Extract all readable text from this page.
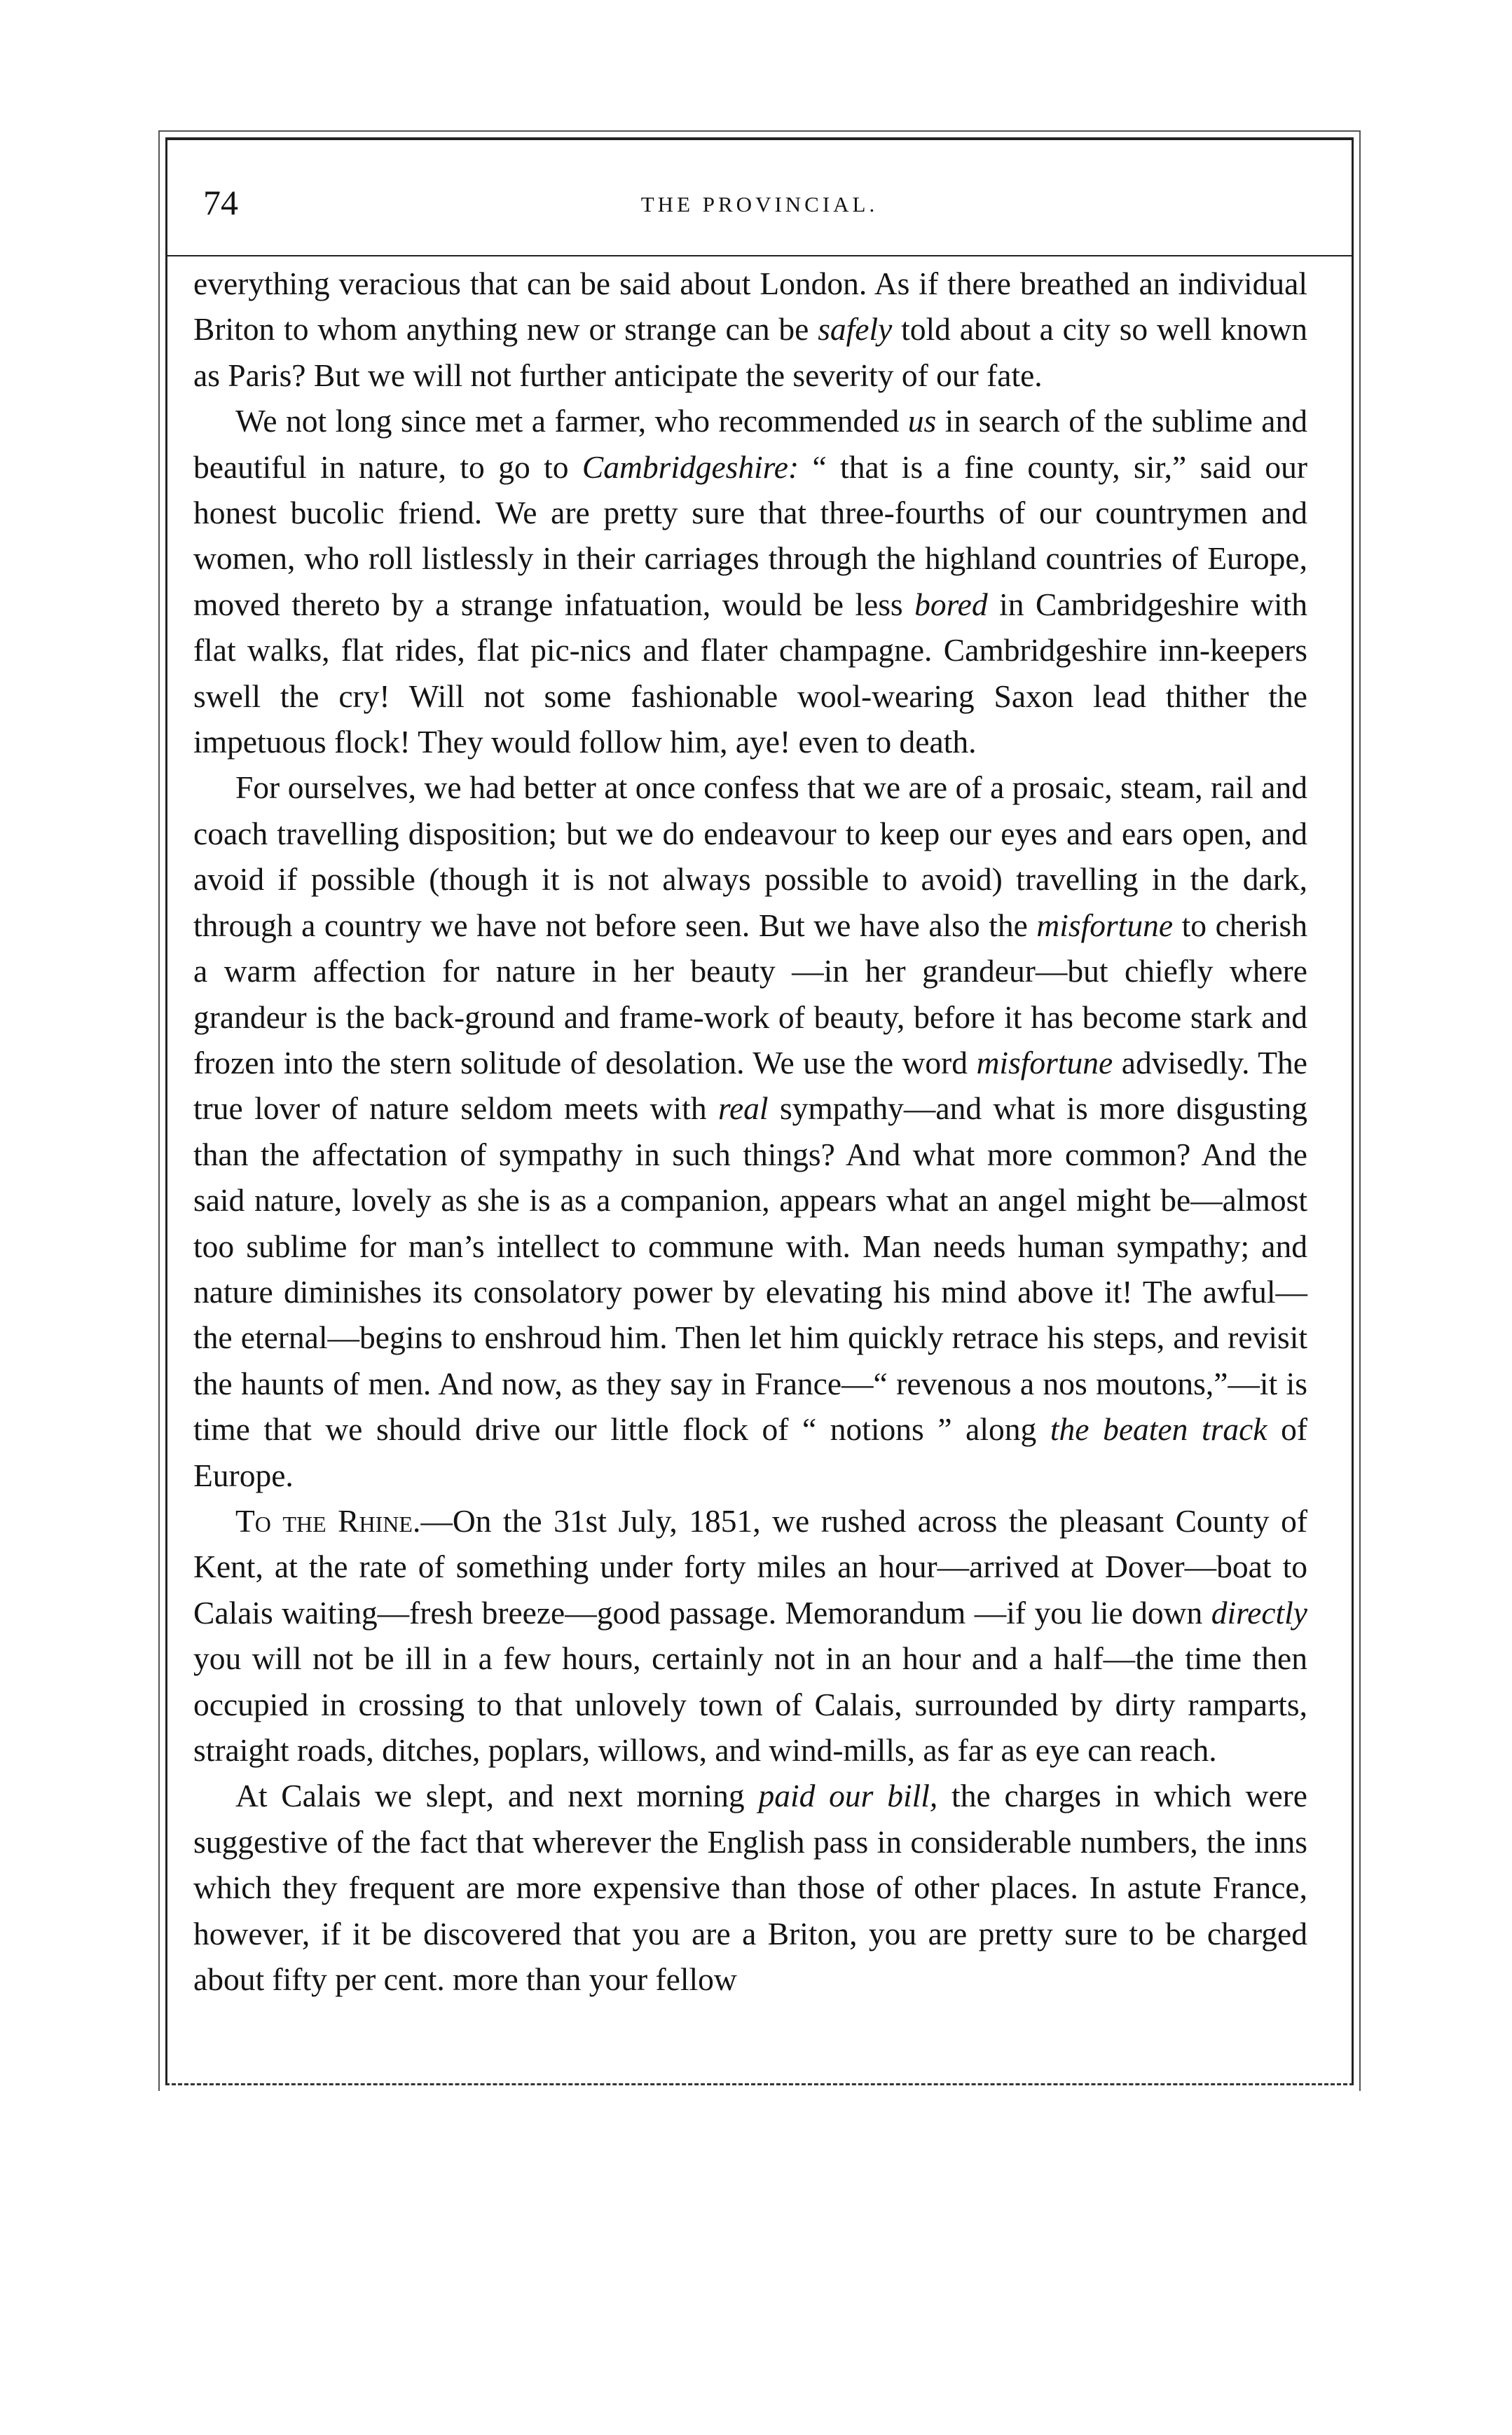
74	THE PROVINCIAL.

everything veracious that can be said about London. As if there breathed an individual Briton to whom anything new or strange can be safely told about a city so well known as Paris? But we will not further anticipate the severity of our fate.

We not long since met a farmer, who recommended us in search of the sublime and beautiful in nature, to go to Cambridgeshire: “ that is a fine county, sir,” said our honest bucolic friend. We are pretty sure that three-fourths of our countrymen and women, who roll listlessly in their carriages through the highland countries of Europe, moved thereto by a strange infatuation, would be less bored in Cambridgeshire with flat walks, flat rides, flat pic-nics and flater champagne. Cambridgeshire inn-keepers swell the cry! Will not some fashionable wool-wearing Saxon lead thither the impetuous flock! They would follow him, aye! even to death.

For ourselves, we had better at once confess that we are of a prosaic, steam, rail and coach travelling disposition; but we do endeavour to keep our eyes and ears open, and avoid if possible (though it is not always possible to avoid) travelling in the dark, through a country we have not before seen. But we have also the misfortune to cherish a warm affection for nature in her beauty —in her grandeur—but chiefly where grandeur is the back-ground and frame-work of beauty, before it has become stark and frozen into the stern solitude of desolation. We use the word misfortune advisedly. The true lover of nature seldom meets with real sympathy—and what is more disgusting than the affectation of sympathy in such things? And what more common? And the said nature, lovely as she is as a companion, appears what an angel might be—almost too sublime for man’s intellect to commune with. Man needs human sympathy; and nature diminishes its consolatory power by elevating his mind above it! The awful—the eternal—begins to enshroud him. Then let him quickly retrace his steps, and revisit the haunts of men. And now, as they say in France—“ revenous a nos moutons,”—it is time that we should drive our little flock of “ notions ” along the beaten track of Europe.

To the Rhine.—On the 31st July, 1851, we rushed across the pleasant County of Kent, at the rate of something under forty miles an hour—arrived at Dover—boat to Calais waiting—fresh breeze—good passage. Memorandum —if you lie down directly you will not be ill in a few hours, certainly not in an hour and a half—the time then occupied in crossing to that unlovely town of Calais, surrounded by dirty ramparts, straight roads, ditches, poplars, willows, and wind-mills, as far as eye can reach.

At Calais we slept, and next morning paid our bill, the charges in which were suggestive of the fact that wherever the English pass in considerable numbers, the inns which they frequent are more expensive than those of other places. In astute France, however, if it be discovered that you are a Briton, you are pretty sure to be charged about fifty per cent. more than your fellow
